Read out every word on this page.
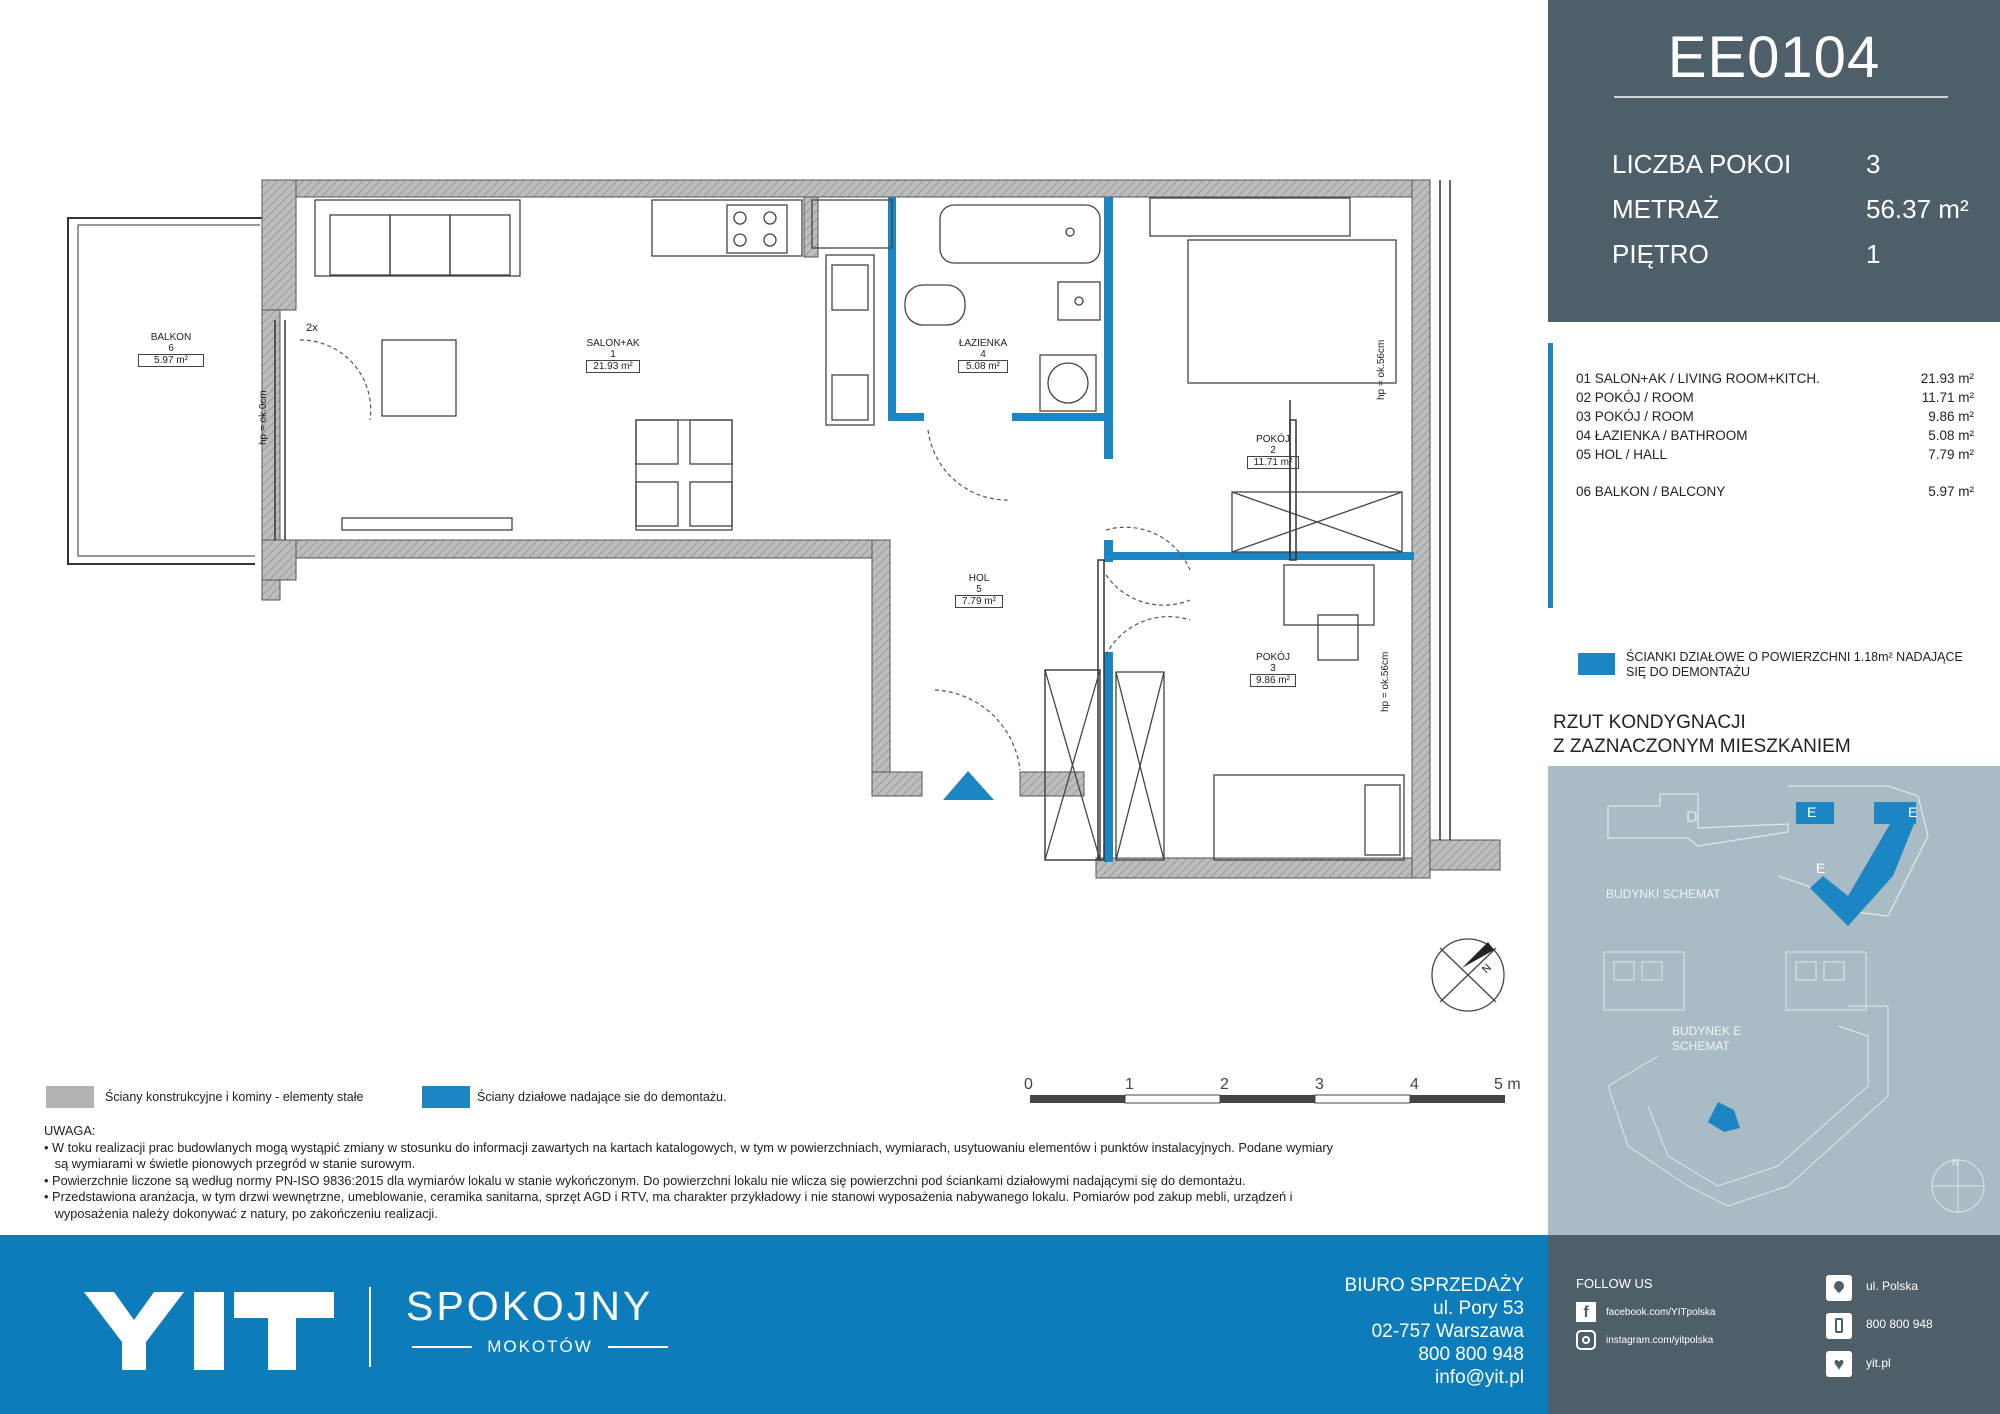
BALKON
6
5.97 m²
SALON+AK
1
21.93 m²
ŁAZIENKA
4
5.08 m²
POKÓJ
2
11.71 m²
HOL
5
7.79 m²
POKÓJ
3
9.86 m²
hp = ok.0cm
hp = ok.56cm
hp = ok.56cm
2x
N
0	1	2	3	4	5 m
Ściany konstrukcyjne i kominy - elementy stałe	Ściany działowe nadające sie do demontażu.
UWAGA:
• W toku realizacji prac budowlanych mogą wystąpić zmiany w stosunku do informacji zawartych na kartach katalogowych, w tym w powierzchniach, wymiarach, usytuowaniu elementów i punktów instalacyjnych. Podane wymiary
są wymiarami w świetle pionowych przegród w stanie surowym.
• Powierzchnie liczone są według normy PN-ISO 9836:2015 dla wymiarów lokalu w stanie wykończonym. Do powierzchni lokalu nie wlicza się powierzchni pod ściankami działowymi nadającymi się do demontażu.
• Przedstawiona aranżacja, w tym drzwi wewnętrzne, umeblowanie, ceramika sanitarna, sprzęt AGD i RTV, ma charakter przykładowy i nie stanowi wyposażenia nabywanego lokalu. Pomiarów pod zakup mebli, urządzeń i
wyposażenia należy dokonywać z natury, po zakończeniu realizacji.
EE0104
LICZBA POKOI	3
METRAŻ	56.37 m²
PIĘTRO	1
01 SALON+AK / LIVING ROOM+KITCH.	21.93 m²
02 POKÓJ / ROOM	11.71 m²
03 POKÓJ / ROOM	9.86 m²
04 ŁAZIENKA / BATHROOM	5.08 m²
05 HOL / HALL	7.79 m²
06 BALKON / BALCONY	5.97 m²
ŚCIANKI DZIAŁOWE O POWIERZCHNI 1.18m² NADAJĄCE SIĘ DO DEMONTAŻU
RZUT KONDYGNACJI
Z ZAZNACZONYM MIESZKANIEM
D	E	E
E
BUDYNKI SCHEMAT
BUDYNEK E
SCHEMAT
N
SPOKOJNY
MOKOTÓW
BIURO SPRZEDAŻY
ul. Pory 53
02-757 Warszawa
800 800 948
info@yit.pl
FOLLOW US
f	facebook.com/YITpolska
instagram.com/yitpolska
ul. Polska
800 800 948
♥	yit.pl
